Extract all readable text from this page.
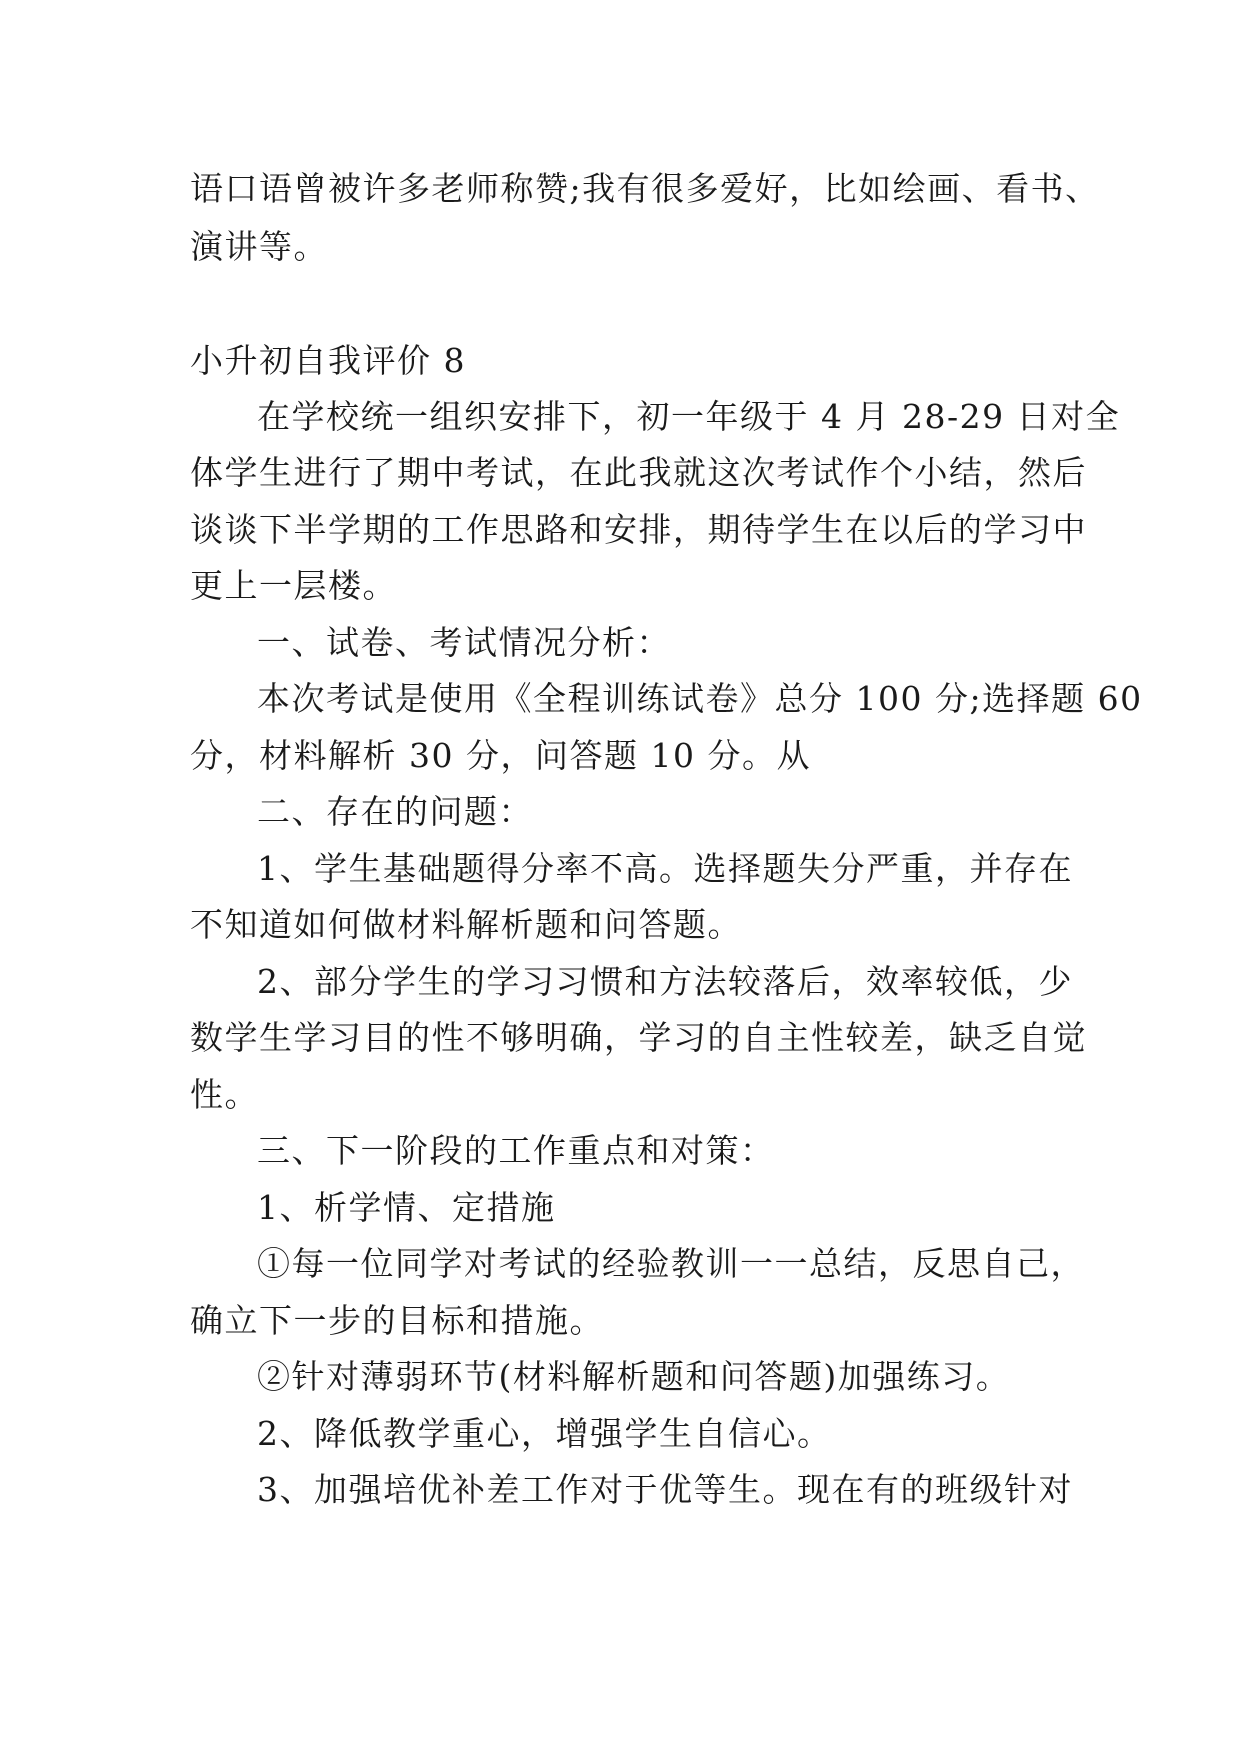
语口语曾被许多老师称赞;我有很多爱好，比如绘画、看书、
演讲等。
小升初自我评价 8
在学校统一组织安排下，初一年级于 4 月 28-29 日对全
体学生进行了期中考试，在此我就这次考试作个小结，然后
谈谈下半学期的工作思路和安排，期待学生在以后的学习中
更上一层楼。
一、试卷、考试情况分析：
本次考试是使用《全程训练试卷》总分 100 分;选择题 60
分，材料解析 30 分，问答题 10 分。从
二、存在的问题：
1、学生基础题得分率不高。选择题失分严重，并存在
不知道如何做材料解析题和问答题。
2、部分学生的学习习惯和方法较落后，效率较低，少
数学生学习目的性不够明确，学习的自主性较差，缺乏自觉
性。
三、下一阶段的工作重点和对策：
1、析学情、定措施
①每一位同学对考试的经验教训一一总结，反思自己，
确立下一步的目标和措施。
②针对薄弱环节(材料解析题和问答题)加强练习。
2、降低教学重心，增强学生自信心。
3、加强培优补差工作对于优等生。现在有的班级针对
